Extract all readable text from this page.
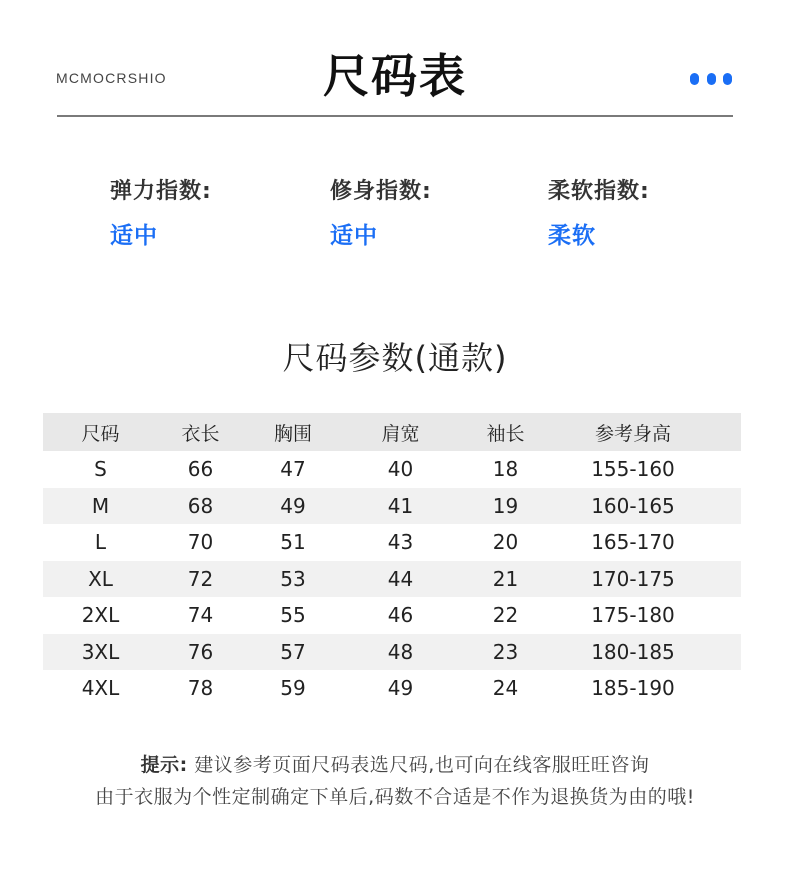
MCMOCRSHIO	尺码表
弹力指数:
适中
修身指数:
适中
柔软指数:
柔软
尺码参数(通款)
尺码	衣长	胸围	肩宽	袖长	参考身高
S	66	47	40	18	155-160
M	68	49	41	19	160-165
L	70	51	43	20	165-170
XL	72	53	44	21	170-175
2XL	74	55	46	22	175-180
3XL	76	57	48	23	180-185
4XL	78	59	49	24	185-190
提示: 建议参考页面尺码表选尺码,也可向在线客服旺旺咨询
由于衣服为个性定制确定下单后,码数不合适是不作为退换货为由的哦!
